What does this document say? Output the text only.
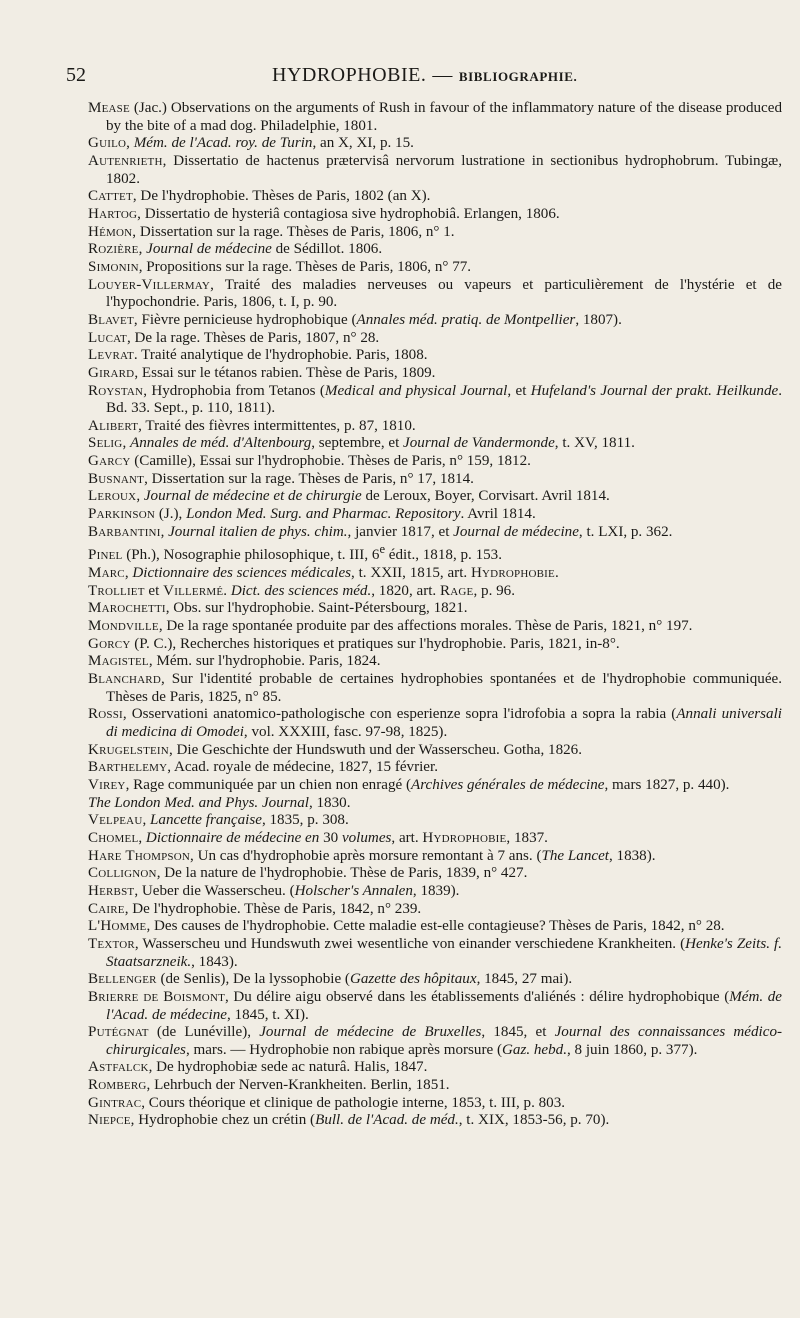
52	HYDROPHOBIE. — BIBLIOGRAPHIE.
Mease (Jac.) Observations on the arguments of Rush in favour of the inflammatory nature of the disease produced by the bite of a mad dog. Philadelphie, 1801.
Guilo, Mém. de l'Acad. roy. de Turin, an X, XI, p. 15.
Autenrieth, Dissertatio de hactenus prætervisâ nervorum lustratione in sectionibus hydrophobrum. Tubingæ, 1802.
Cattet, De l'hydrophobie. Thèses de Paris, 1802 (an X).
Hartog, Dissertatio de hysteriâ contagiosa sive hydrophobiâ. Erlangen, 1806.
Hémon, Dissertation sur la rage. Thèses de Paris, 1806, n° 1.
Rozière, Journal de médecine de Sédillot. 1806.
Simonin, Propositions sur la rage. Thèses de Paris, 1806, n° 77.
Louyer-Villermay, Traité des maladies nerveuses ou vapeurs et particulièrement de l'hystérie et de l'hypochondrie. Paris, 1806, t. I, p. 90.
Blavet, Fièvre pernicieuse hydrophobique (Annales méd. pratiq. de Montpellier, 1807).
Lucat, De la rage. Thèses de Paris, 1807, n° 28.
Levrat. Traité analytique de l'hydrophobie. Paris, 1808.
Girard, Essai sur le tétanos rabien. Thèse de Paris, 1809.
Roystan, Hydrophobia from Tetanos (Medical and physical Journal, et Hufeland's Journal der prakt. Heilkunde. Bd. 33. Sept., p. 110, 1811).
Alibert, Traité des fièvres intermittentes, p. 87, 1810.
Selig, Annales de méd. d'Altenbourg, septembre, et Journal de Vandermonde, t. XV, 1811.
Garcy (Camille), Essai sur l'hydrophobie. Thèses de Paris, n° 159, 1812.
Busnant, Dissertation sur la rage. Thèses de Paris, n° 17, 1814.
Leroux, Journal de médecine et de chirurgie de Leroux, Boyer, Corvisart. Avril 1814.
Parkinson (J.), London Med. Surg. and Pharmac. Repository. Avril 1814.
Barbantini, Journal italien de phys. chim., janvier 1817, et Journal de médecine, t. LXI, p. 362.
Pinel (Ph.), Nosographie philosophique, t. III, 6e édit., 1818, p. 153.
Marc, Dictionnaire des sciences médicales, t. XXII, 1815, art. Hydrophobie.
Trolliet et Villermé. Dict. des sciences méd., 1820, art. Rage, p. 96.
Marochetti, Obs. sur l'hydrophobie. Saint-Pétersbourg, 1821.
Mondville, De la rage spontanée produite par des affections morales. Thèse de Paris, 1821, n° 197.
Gorcy (P. C.), Recherches historiques et pratiques sur l'hydrophobie. Paris, 1821, in-8°.
Magistel, Mém. sur l'hydrophobie. Paris, 1824.
Blanchard, Sur l'identité probable de certaines hydrophobies spontanées et de l'hydrophobie communiquée. Thèses de Paris, 1825, n° 85.
Rossi, Osservationi anatomico-pathologische con esperienze sopra l'idrofobia a sopra la rabia (Annali universali di medicina di Omodei, vol. XXXIII, fasc. 97-98, 1825).
Krugelstein, Die Geschichte der Hundswuth und der Wasserscheu. Gotha, 1826.
Barthelemy, Acad. royale de médecine, 1827, 15 février.
Virey, Rage communiquée par un chien non enragé (Archives générales de médecine, mars 1827, p. 440).
The London Med. and Phys. Journal, 1830.
Velpeau, Lancette française, 1835, p. 308.
Chomel, Dictionnaire de médecine en 30 volumes, art. Hydrophobie, 1837.
Hare Thompson, Un cas d'hydrophobie après morsure remontant à 7 ans. (The Lancet, 1838).
Collignon, De la nature de l'hydrophobie. Thèse de Paris, 1839, n° 427.
Herbst, Ueber die Wasserscheu. (Holscher's Annalen, 1839).
Caire, De l'hydrophobie. Thèse de Paris, 1842, n° 239.
L'Homme, Des causes de l'hydrophobie. Cette maladie est-elle contagieuse? Thèses de Paris, 1842, n° 28.
Textor, Wasserscheu und Hundswuth zwei wesentliche von einander verschiedene Krankheiten. (Henke's Zeits. f. Staatsarzneik., 1843).
Bellenger (de Senlis), De la lyssophobie (Gazette des hôpitaux, 1845, 27 mai).
Brierre de Boismont, Du délire aigu observé dans les établissements d'aliénés : délire hydrophobique (Mém. de l'Acad. de médecine, 1845, t. XI).
Putégnat (de Lunéville), Journal de médecine de Bruxelles, 1845, et Journal des connaissances médico-chirurgicales, mars. — Hydrophobie non rabique après morsure (Gaz. hebd., 8 juin 1860, p. 377).
Astfalck, De hydrophobiæ sede ac naturâ. Halis, 1847.
Romberg, Lehrbuch der Nerven-Krankheiten. Berlin, 1851.
Gintrac, Cours théorique et clinique de pathologie interne, 1853, t. III, p. 803.
Niepce, Hydrophobie chez un crétin (Bull. de l'Acad. de méd., t. XIX, 1853-56, p. 70).
